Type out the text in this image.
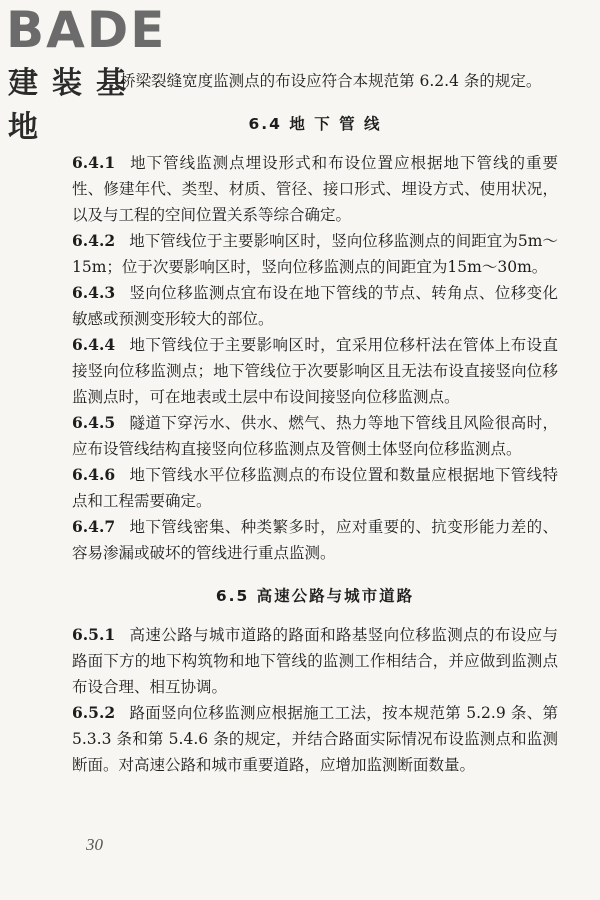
BADE
建装基地

桥梁裂缝宽度监测点的布设应符合本规范第 6.2.4 条的规定。

6.4 地 下 管 线

6.4.1 地下管线监测点埋设形式和布设位置应根据地下管线的重要性、修建年代、类型、材质、管径、接口形式、埋设方式、使用状况，以及与工程的空间位置关系等综合确定。

6.4.2 地下管线位于主要影响区时，竖向位移监测点的间距宜为5m～15m；位于次要影响区时，竖向位移监测点的间距宜为15m～30m。

6.4.3 竖向位移监测点宜布设在地下管线的节点、转角点、位移变化敏感或预测变形较大的部位。

6.4.4 地下管线位于主要影响区时，宜采用位移杆法在管体上布设直接竖向位移监测点；地下管线位于次要影响区且无法布设直接竖向位移监测点时，可在地表或土层中布设间接竖向位移监测点。

6.4.5 隧道下穿污水、供水、燃气、热力等地下管线且风险很高时，应布设管线结构直接竖向位移监测点及管侧土体竖向位移监测点。

6.4.6 地下管线水平位移监测点的布设位置和数量应根据地下管线特点和工程需要确定。

6.4.7 地下管线密集、种类繁多时，应对重要的、抗变形能力差的、容易渗漏或破坏的管线进行重点监测。

6.5 高速公路与城市道路

6.5.1 高速公路与城市道路的路面和路基竖向位移监测点的布设应与路面下方的地下构筑物和地下管线的监测工作相结合，并应做到监测点布设合理、相互协调。

6.5.2 路面竖向位移监测应根据施工工法，按本规范第 5.2.9 条、第 5.3.3 条和第 5.4.6 条的规定，并结合路面实际情况布设监测点和监测断面。对高速公路和城市重要道路，应增加监测断面数量。

30
